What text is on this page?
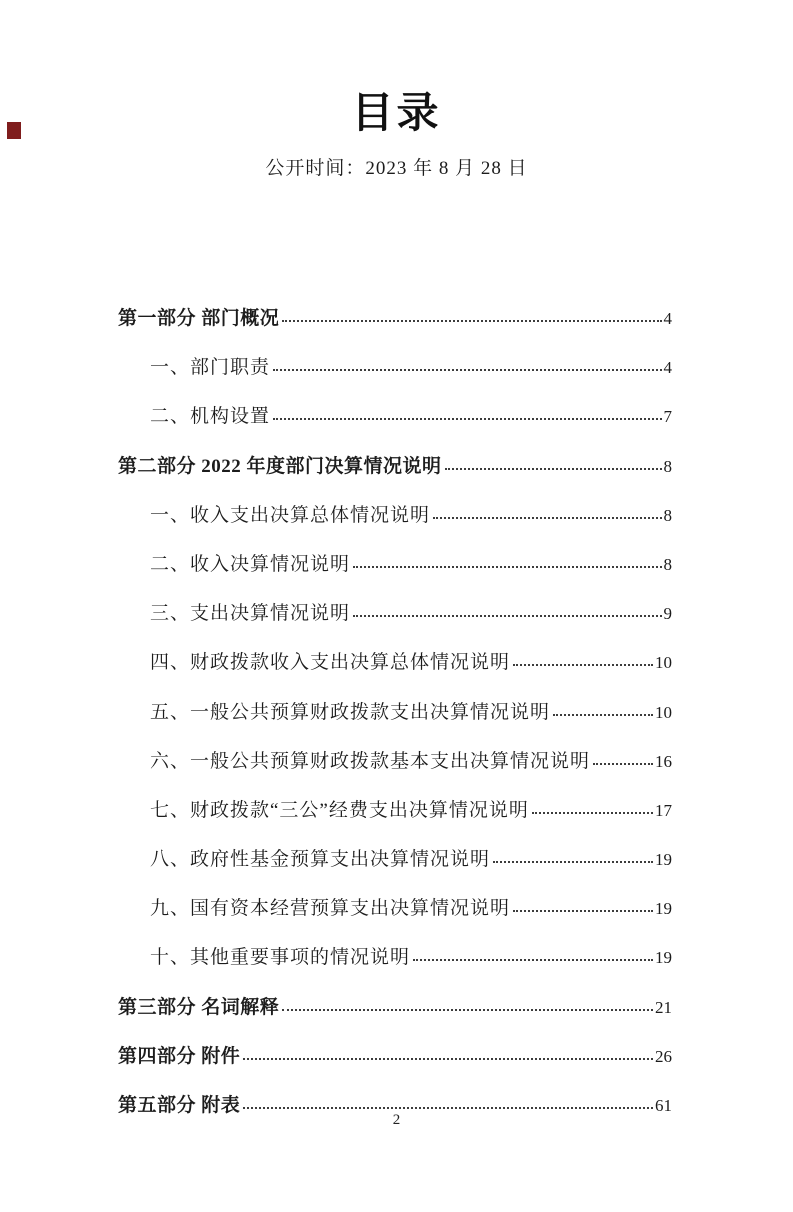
目录
公开时间：2023 年 8 月 28 日
第一部分 部门概况	4
一、部门职责	4
二、机构设置	7
第二部分 2022 年度部门决算情况说明	8
一、收入支出决算总体情况说明	8
二、收入决算情况说明	8
三、支出决算情况说明	9
四、财政拨款收入支出决算总体情况说明	10
五、一般公共预算财政拨款支出决算情况说明	10
六、一般公共预算财政拨款基本支出决算情况说明	16
七、财政拨款“三公”经费支出决算情况说明	17
八、政府性基金预算支出决算情况说明	19
九、国有资本经营预算支出决算情况说明	19
十、其他重要事项的情况说明	19
第三部分 名词解释	21
第四部分 附件	26
第五部分 附表	61
2
